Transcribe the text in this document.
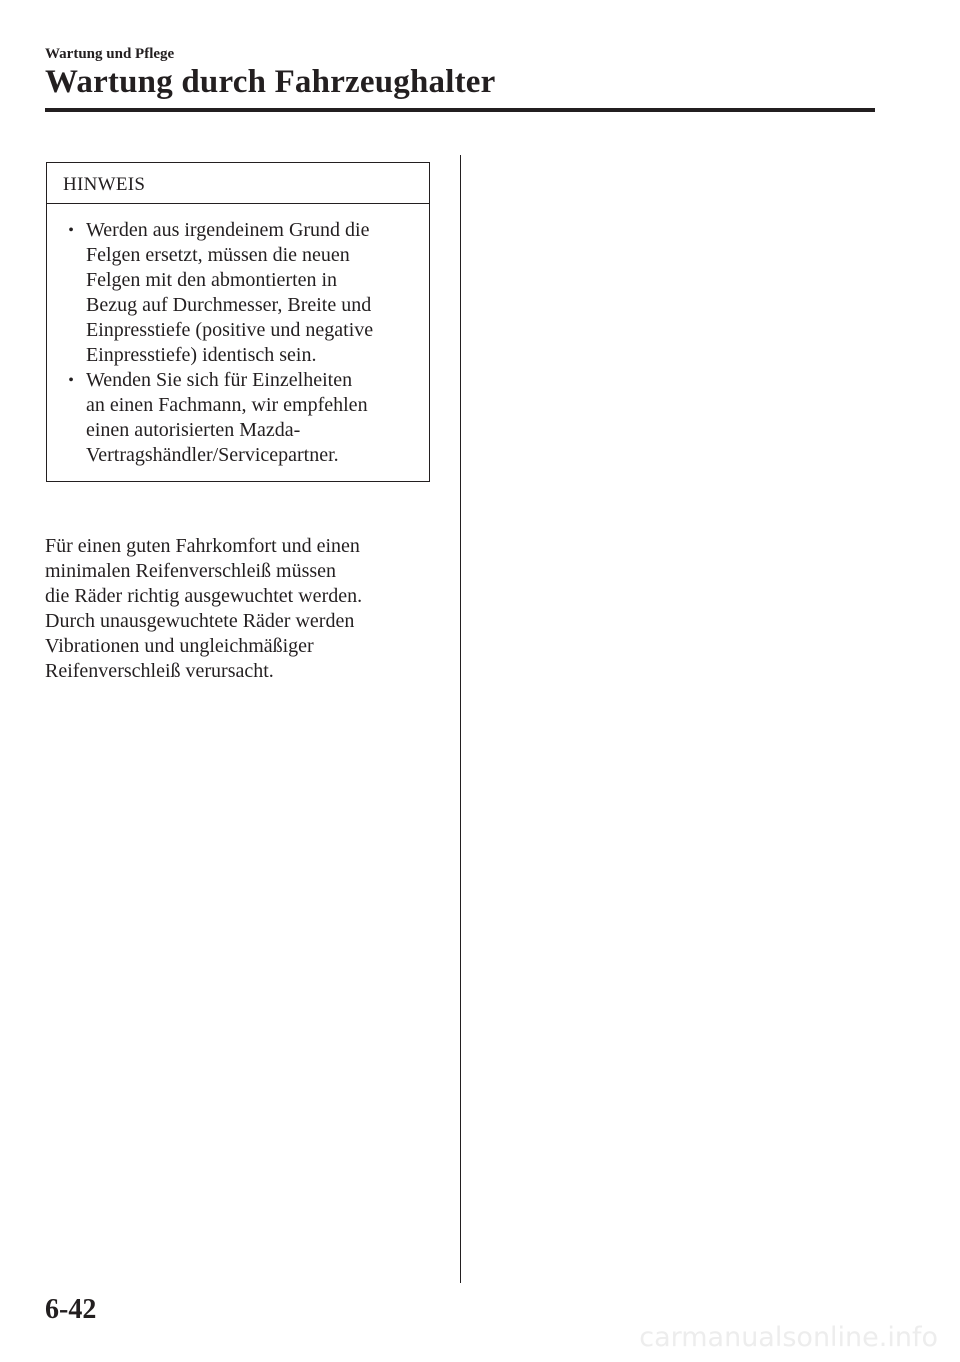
Wartung und Pflege
Wartung durch Fahrzeughalter
HINWEIS
• Werden aus irgendeinem Grund die
Felgen ersetzt, müssen die neuen
Felgen mit den abmontierten in
Bezug auf Durchmesser, Breite und
Einpresstiefe (positive und negative
Einpresstiefe) identisch sein.
• Wenden Sie sich für Einzelheiten
an einen Fachmann, wir empfehlen
einen autorisierten Mazda-
Vertragshändler/Servicepartner.

Für einen guten Fahrkomfort und einen
minimalen Reifenverschleiß müssen
die Räder richtig ausgewuchtet werden.
Durch unausgewuchtete Räder werden
Vibrationen und ungleichmäßiger
Reifenverschleiß verursacht.

6-42
carmanualsonline.info
